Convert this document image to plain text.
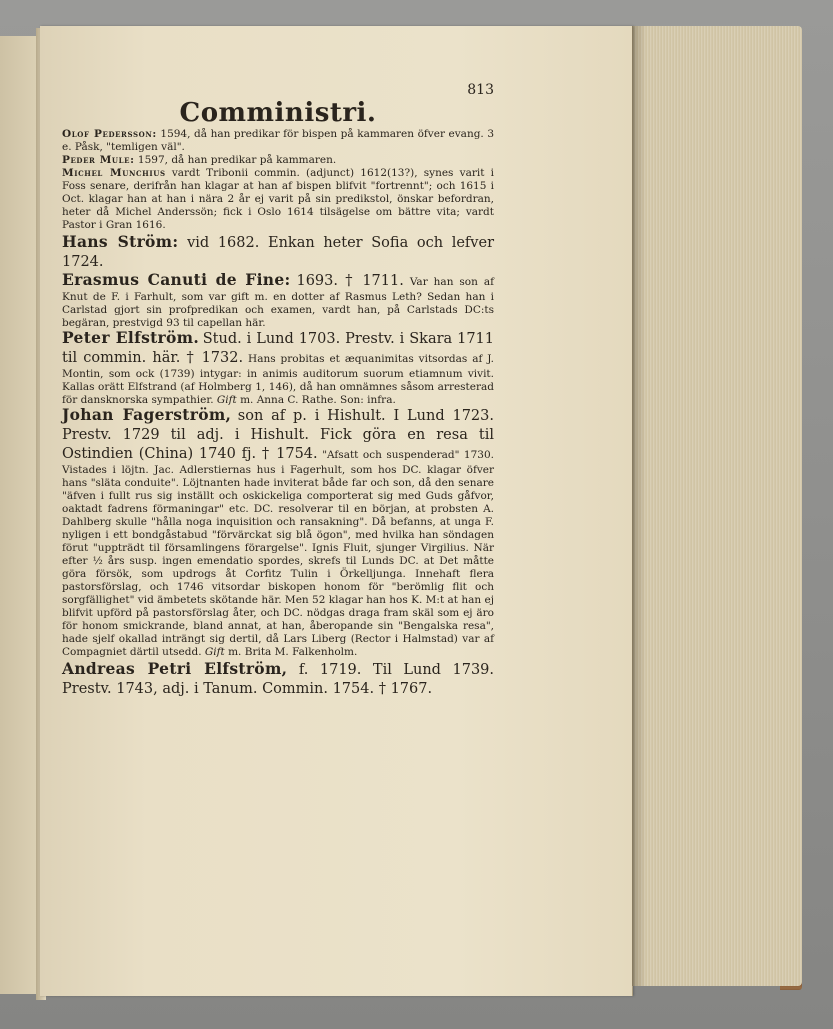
813

Comministri.

Olof Pedersson: 1594, då han predikar för bispen på kammaren öfver evang. 3 e. Påsk, "temligen väl".

Peder Mule: 1597, då han predikar på kammaren.

Michel Munchius vardt Tribonii commin. (adjunct) 1612(13?), synes varit i Foss senare, derifrån han klagar at han af bispen blifvit "fortrennt"; och 1615 i Oct. klagar han at han i nära 2 år ej varit på sin predikstol, önskar befordran, heter då Michel Anderssön; fick i Oslo 1614 tilsägelse om bättre vita; vardt Pastor i Gran 1616.

Hans Ström: vid 1682. Enkan heter Sofia och lefver 1724.

Erasmus Canuti de Fine: 1693. † 1711. Var han son af Knut de F. i Farhult, som var gift m. en dotter af Rasmus Leth? Sedan han i Carlstad gjort sin profpredikan och examen, vardt han, på Carlstads DC:ts begäran, prestvigd 93 til capellan här.

Peter Elfström. Stud. i Lund 1703. Prestv. i Skara 1711 til commin. här. † 1732. Hans probitas et æquanimitas vitsordas af J. Montin, som ock (1739) intygar: in animis auditorum suorum etiamnum vivit. Kallas orätt Elfstrand (af Holmberg 1, 146), då han omnämnes såsom arresterad för dansknorska sympathier. Gift m. Anna C. Rathe. Son: infra.

Johan Fagerström, son af p. i Hishult. I Lund 1723. Prestv. 1729 til adj. i Hishult. Fick göra en resa til Ostindien (China) 1740 fj. † 1754. "Afsatt och suspenderad" 1730. Vistades i löjtn. Jac. Adlerstiernas hus i Fagerhult, som hos DC. klagar öfver hans "släta conduite". Löjtnanten hade inviterat både far och son, då den senare "äfven i fullt rus sig inställt och oskickeliga comporterat sig med Guds gåfvor, oaktadt fadrens förmaningar" etc. DC. resolverar til en början, at probsten A. Dahlberg skulle "hålla noga inquisition och ransakning". Då befanns, at unga F. nyligen i ett bondgåstabud "förvärckat sig blå ögon", med hvilka han söndagen förut "uppträdt til församlingens förargelse". Ignis Fluit, sjunger Virgilius. När efter ½ års susp. ingen emendatio spordes, skrefs til Lunds DC. at Det måtte göra försök, som updrogs åt Corfitz Tulin i Örkelljunga. Innehaft flera pastorsförslag, och 1746 vitsordar biskopen honom för "berömlig flit och sorgfällighet" vid ämbetets skötande här. Men 52 klagar han hos K. M:t at han ej blifvit upförd på pastorsförslag åter, och DC. nödgas draga fram skäl som ej äro för honom smickrande, bland annat, at han, åberopande sin "Bengalska resa", hade sjelf okallad inträngt sig dertil, då Lars Liberg (Rector i Halmstad) var af Compagniet därtil utsedd. Gift m. Brita M. Falkenholm.

Andreas Petri Elfström, f. 1719. Til Lund 1739. Prestv. 1743, adj. i Tanum. Commin. 1754. † 1767.
